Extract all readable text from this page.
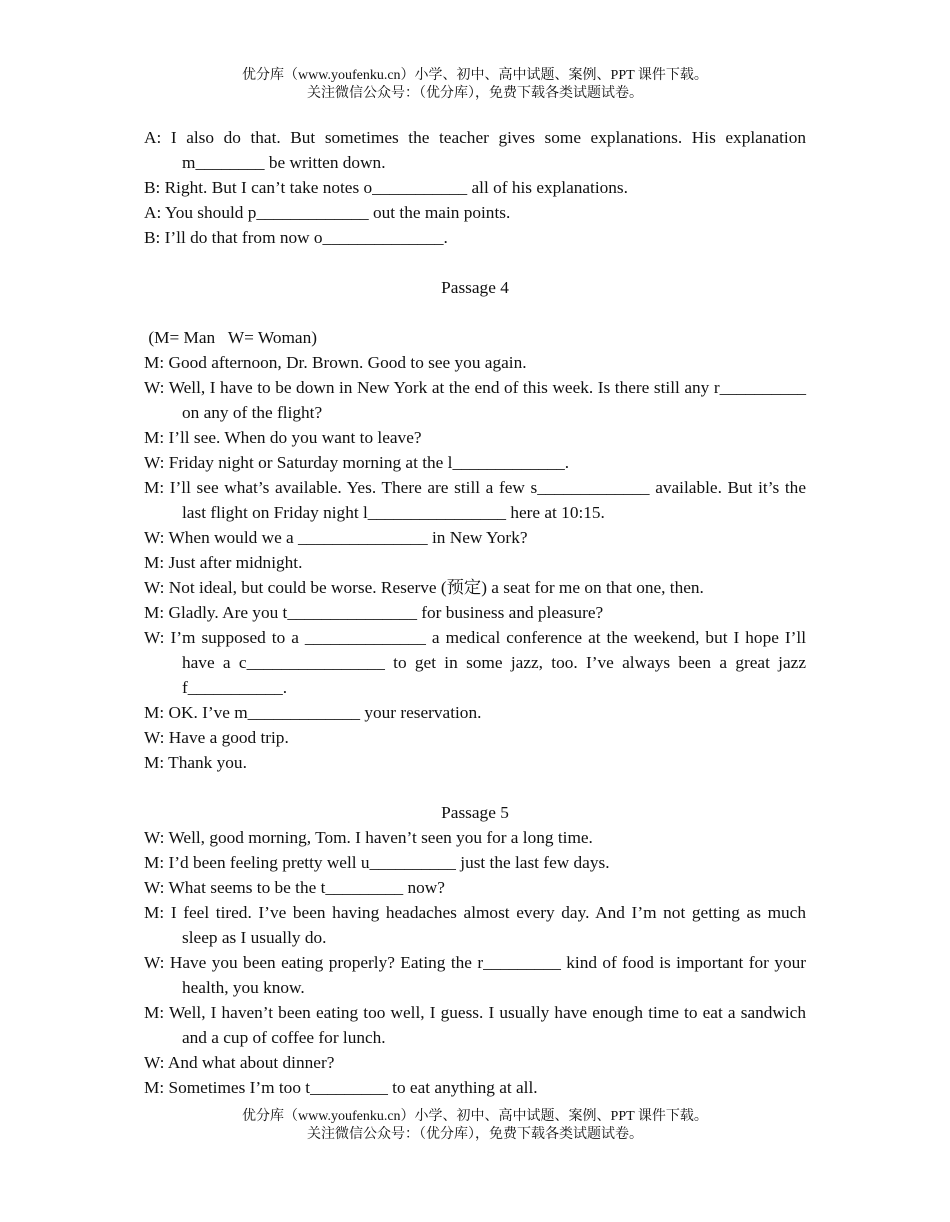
优分库（www.youfenku.cn）小学、初中、高中试题、案例、PPT 课件下载。
关注微信公众号：（优分库），免费下载各类试题试卷。
A: I also do that. But sometimes the teacher gives some explanations. His explanation m________ be written down.
B: Right. But I can’t take notes o___________ all of his explanations.
A: You should p_____________ out the main points.
B: I’ll do that from now o______________.
Passage 4
(M= Man   W= Woman)
M: Good afternoon, Dr. Brown. Good to see you again.
W: Well, I have to be down in New York at the end of this week. Is there still any r__________ on any of the flight?
M: I’ll see. When do you want to leave?
W: Friday night or Saturday morning at the l_____________.
M: I’ll see what’s available. Yes. There are still a few s_____________ available. But it’s the last flight on Friday night l________________ here at 10:15.
W: When would we a _______________ in New York?
M: Just after midnight.
W: Not ideal, but could be worse. Reserve (预定) a seat for me on that one, then.
M: Gladly. Are you t_______________ for business and pleasure?
W: I’m supposed to a ______________ a medical conference at the weekend, but I hope I’ll have a c________________ to get in some jazz, too. I’ve always been a great jazz f___________.
M: OK. I’ve m_____________ your reservation.
W: Have a good trip.
M: Thank you.
Passage 5
W: Well, good morning, Tom. I haven’t seen you for a long time.
M: I’d been feeling pretty well u__________ just the last few days.
W: What seems to be the t_________ now?
M: I feel tired. I’ve been having headaches almost every day. And I’m not getting as much sleep as I usually do.
W: Have you been eating properly? Eating the r_________ kind of food is important for your health, you know.
M: Well, I haven’t been eating too well, I guess. I usually have enough time to eat a sandwich and a cup of coffee for lunch.
W: And what about dinner?
M: Sometimes I’m too t_________ to eat anything at all.
优分库（www.youfenku.cn）小学、初中、高中试题、案例、PPT 课件下载。
关注微信公众号：（优分库），免费下载各类试题试卷。
